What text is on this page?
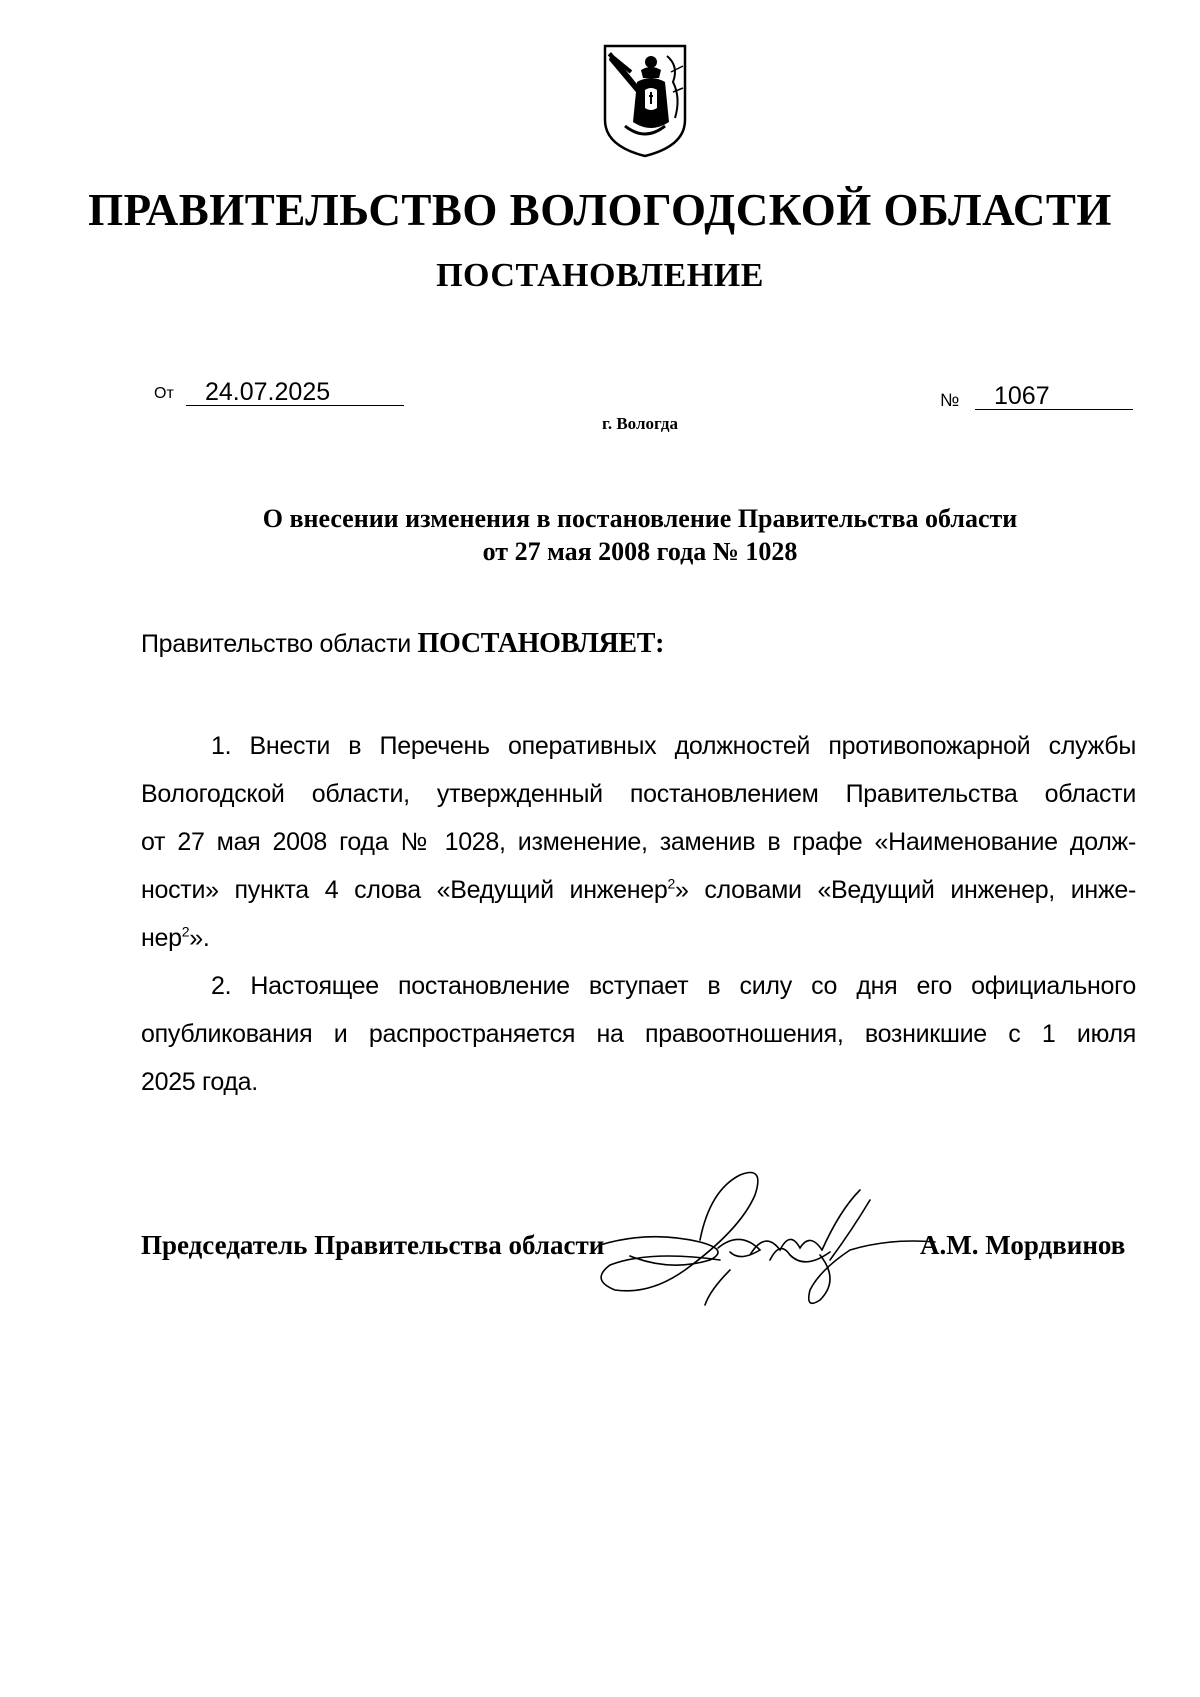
ПРАВИТЕЛЬСТВО ВОЛОГОДСКОЙ ОБЛАСТИ
ПОСТАНОВЛЕНИЕ
От	24.07.2025	№	1067
г. Вологда
О внесении изменения в постановление Правительства области
от 27 мая 2008 года № 1028
Правительство области ПОСТАНОВЛЯЕТ:
1. Внести в Перечень оперативных должностей противопожарной службы
Вологодской области, утвержденный постановлением Правительства области
от 27 мая 2008 года № 1028, изменение, заменив в графе «Наименование долж-
ности» пункта 4 слова «Ведущий инженер$^2$» словами «Ведущий инженер, инже-
нер$^2$».
2. Настоящее постановление вступает в силу со дня его официального
опубликования и распространяется на правоотношения, возникшие с 1 июля
2025 года.
Председатель Правительства области	А.М. Мордвинов
